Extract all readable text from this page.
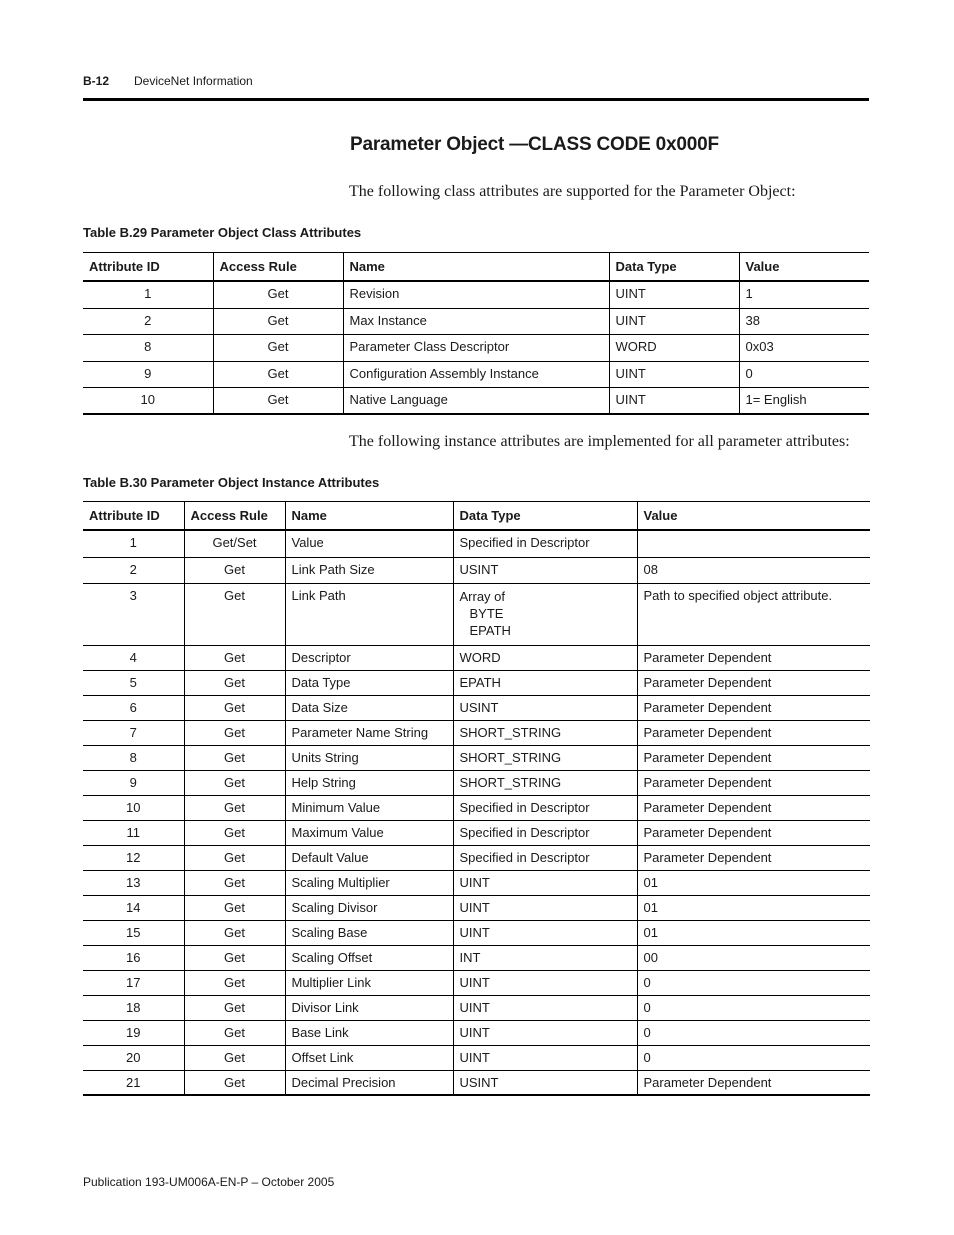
B-12 DeviceNet Information
Parameter Object —CLASS CODE 0x000F

The following class attributes are supported for the Parameter Object:

Table B.29 Parameter Object Class Attributes

Attribute ID	Access Rule	Name	Data Type	Value
1	Get	Revision	UINT	1
2	Get	Max Instance	UINT	38
8	Get	Parameter Class Descriptor	WORD	0x03
9	Get	Configuration Assembly Instance	UINT	0
10	Get	Native Language	UINT	1= English

The following instance attributes are implemented for all parameter attributes:

Table B.30 Parameter Object Instance Attributes

Attribute ID	Access Rule	Name	Data Type	Value
1	Get/Set	Value	Specified in Descriptor	
2	Get	Link Path Size	USINT	08
3	Get	Link Path	Array of
BYTE
EPATH	Path to specified object attribute.
4	Get	Descriptor	WORD	Parameter Dependent
5	Get	Data Type	EPATH	Parameter Dependent
6	Get	Data Size	USINT	Parameter Dependent
7	Get	Parameter Name String	SHORT_STRING	Parameter Dependent
8	Get	Units String	SHORT_STRING	Parameter Dependent
9	Get	Help String	SHORT_STRING	Parameter Dependent
10	Get	Minimum Value	Specified in Descriptor	Parameter Dependent
11	Get	Maximum Value	Specified in Descriptor	Parameter Dependent
12	Get	Default Value	Specified in Descriptor	Parameter Dependent
13	Get	Scaling Multiplier	UINT	01
14	Get	Scaling Divisor	UINT	01
15	Get	Scaling Base	UINT	01
16	Get	Scaling Offset	INT	00
17	Get	Multiplier Link	UINT	0
18	Get	Divisor Link	UINT	0
19	Get	Base Link	UINT	0
20	Get	Offset Link	UINT	0
21	Get	Decimal Precision	USINT	Parameter Dependent

Publication 193-UM006A-EN-P – October 2005
